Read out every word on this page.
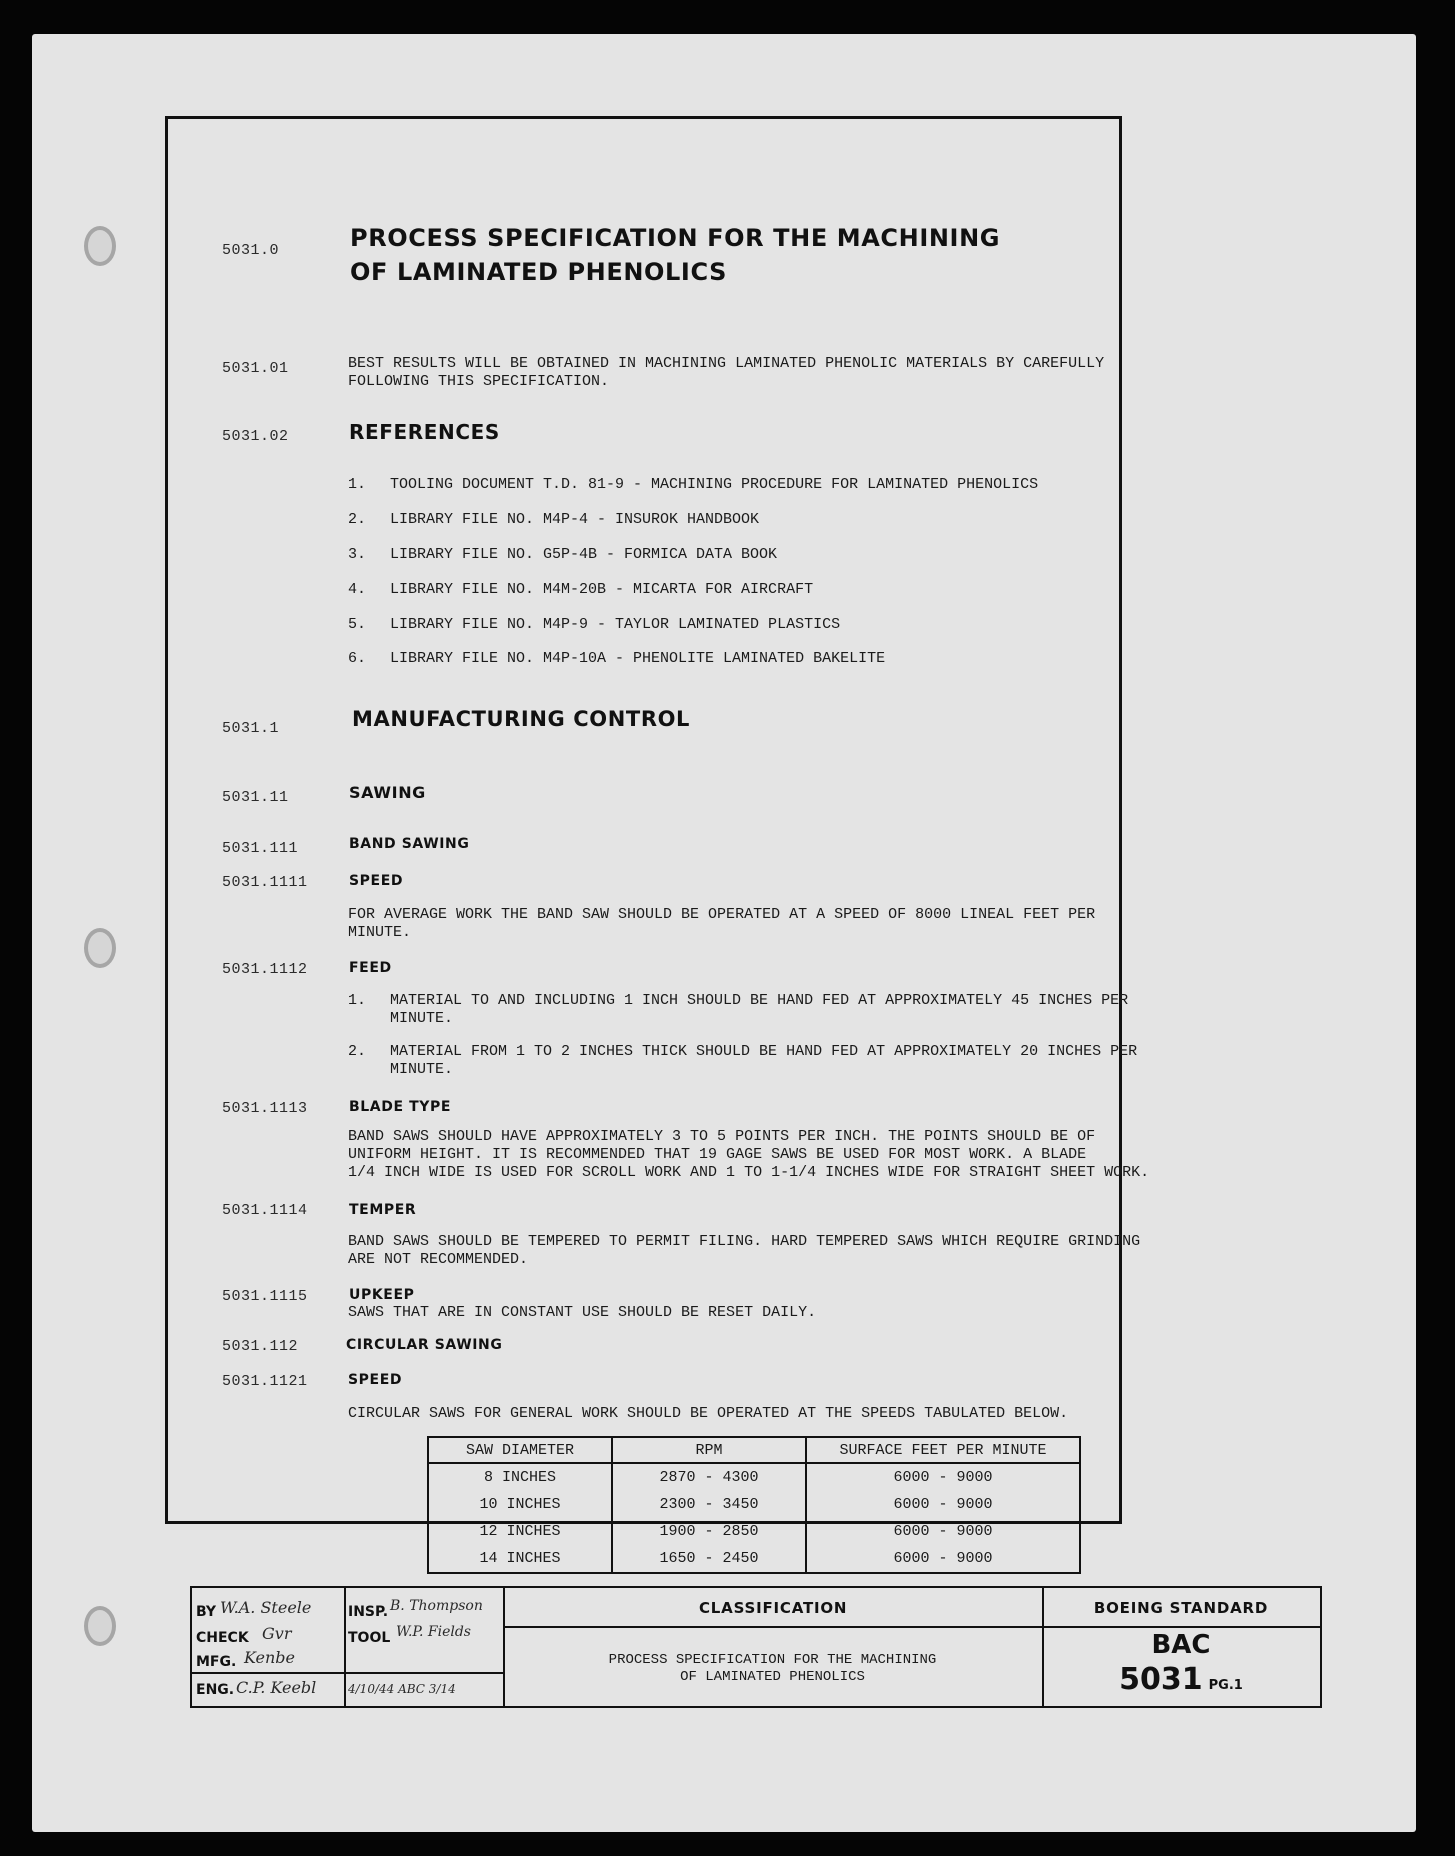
5031.0	PROCESS SPECIFICATION FOR THE MACHINING
OF LAMINATED PHENOLICS
5031.01	BEST RESULTS WILL BE OBTAINED IN MACHINING LAMINATED PHENOLIC MATERIALS BY CAREFULLY
FOLLOWING THIS SPECIFICATION.
5031.02	REFERENCES
1. TOOLING DOCUMENT T.D. 81-9 - MACHINING PROCEDURE FOR LAMINATED PHENOLICS
2. LIBRARY FILE NO. M4P-4 - INSUROK HANDBOOK
3. LIBRARY FILE NO. G5P-4B - FORMICA DATA BOOK
4. LIBRARY FILE NO. M4M-20B - MICARTA FOR AIRCRAFT
5. LIBRARY FILE NO. M4P-9 - TAYLOR LAMINATED PLASTICS
6. LIBRARY FILE NO. M4P-10A - PHENOLITE LAMINATED BAKELITE
5031.1	MANUFACTURING CONTROL
5031.11	SAWING
5031.111	BAND SAWING
5031.1111	SPEED
FOR AVERAGE WORK THE BAND SAW SHOULD BE OPERATED AT A SPEED OF 8000 LINEAL FEET PER
MINUTE.
5031.1112	FEED
1. MATERIAL TO AND INCLUDING 1 INCH SHOULD BE HAND FED AT APPROXIMATELY 45 INCHES PER
MINUTE.
2. MATERIAL FROM 1 TO 2 INCHES THICK SHOULD BE HAND FED AT APPROXIMATELY 20 INCHES PER
MINUTE.
5031.1113	BLADE TYPE
BAND SAWS SHOULD HAVE APPROXIMATELY 3 TO 5 POINTS PER INCH. THE POINTS SHOULD BE OF
UNIFORM HEIGHT. IT IS RECOMMENDED THAT 19 GAGE SAWS BE USED FOR MOST WORK. A BLADE
1/4 INCH WIDE IS USED FOR SCROLL WORK AND 1 TO 1-1/4 INCHES WIDE FOR STRAIGHT SHEET WORK.
5031.1114	TEMPER
BAND SAWS SHOULD BE TEMPERED TO PERMIT FILING. HARD TEMPERED SAWS WHICH REQUIRE GRINDING
ARE NOT RECOMMENDED.
5031.1115	UPKEEP
SAWS THAT ARE IN CONSTANT USE SHOULD BE RESET DAILY.
5031.112	CIRCULAR SAWING
5031.1121	SPEED
CIRCULAR SAWS FOR GENERAL WORK SHOULD BE OPERATED AT THE SPEEDS TABULATED BELOW.
SAW DIAMETER	RPM	SURFACE FEET PER MINUTE
8 INCHES	2870 - 4300	6000 - 9000
10 INCHES	2300 - 3450	6000 - 9000
12 INCHES	1900 - 2850	6000 - 9000
14 INCHES	1650 - 2450	6000 - 9000
BY W.A. Steele
CHECK Gvr
MFG. Kenbe
ENG. C.P. Keebl	4/10/44 ABC 3/14
INSP. B. Thompson
TOOL W.P. Fields
CLASSIFICATION
PROCESS SPECIFICATION FOR THE MACHINING
OF LAMINATED PHENOLICS
BOEING STANDARD
BAC
5031 PG.1
